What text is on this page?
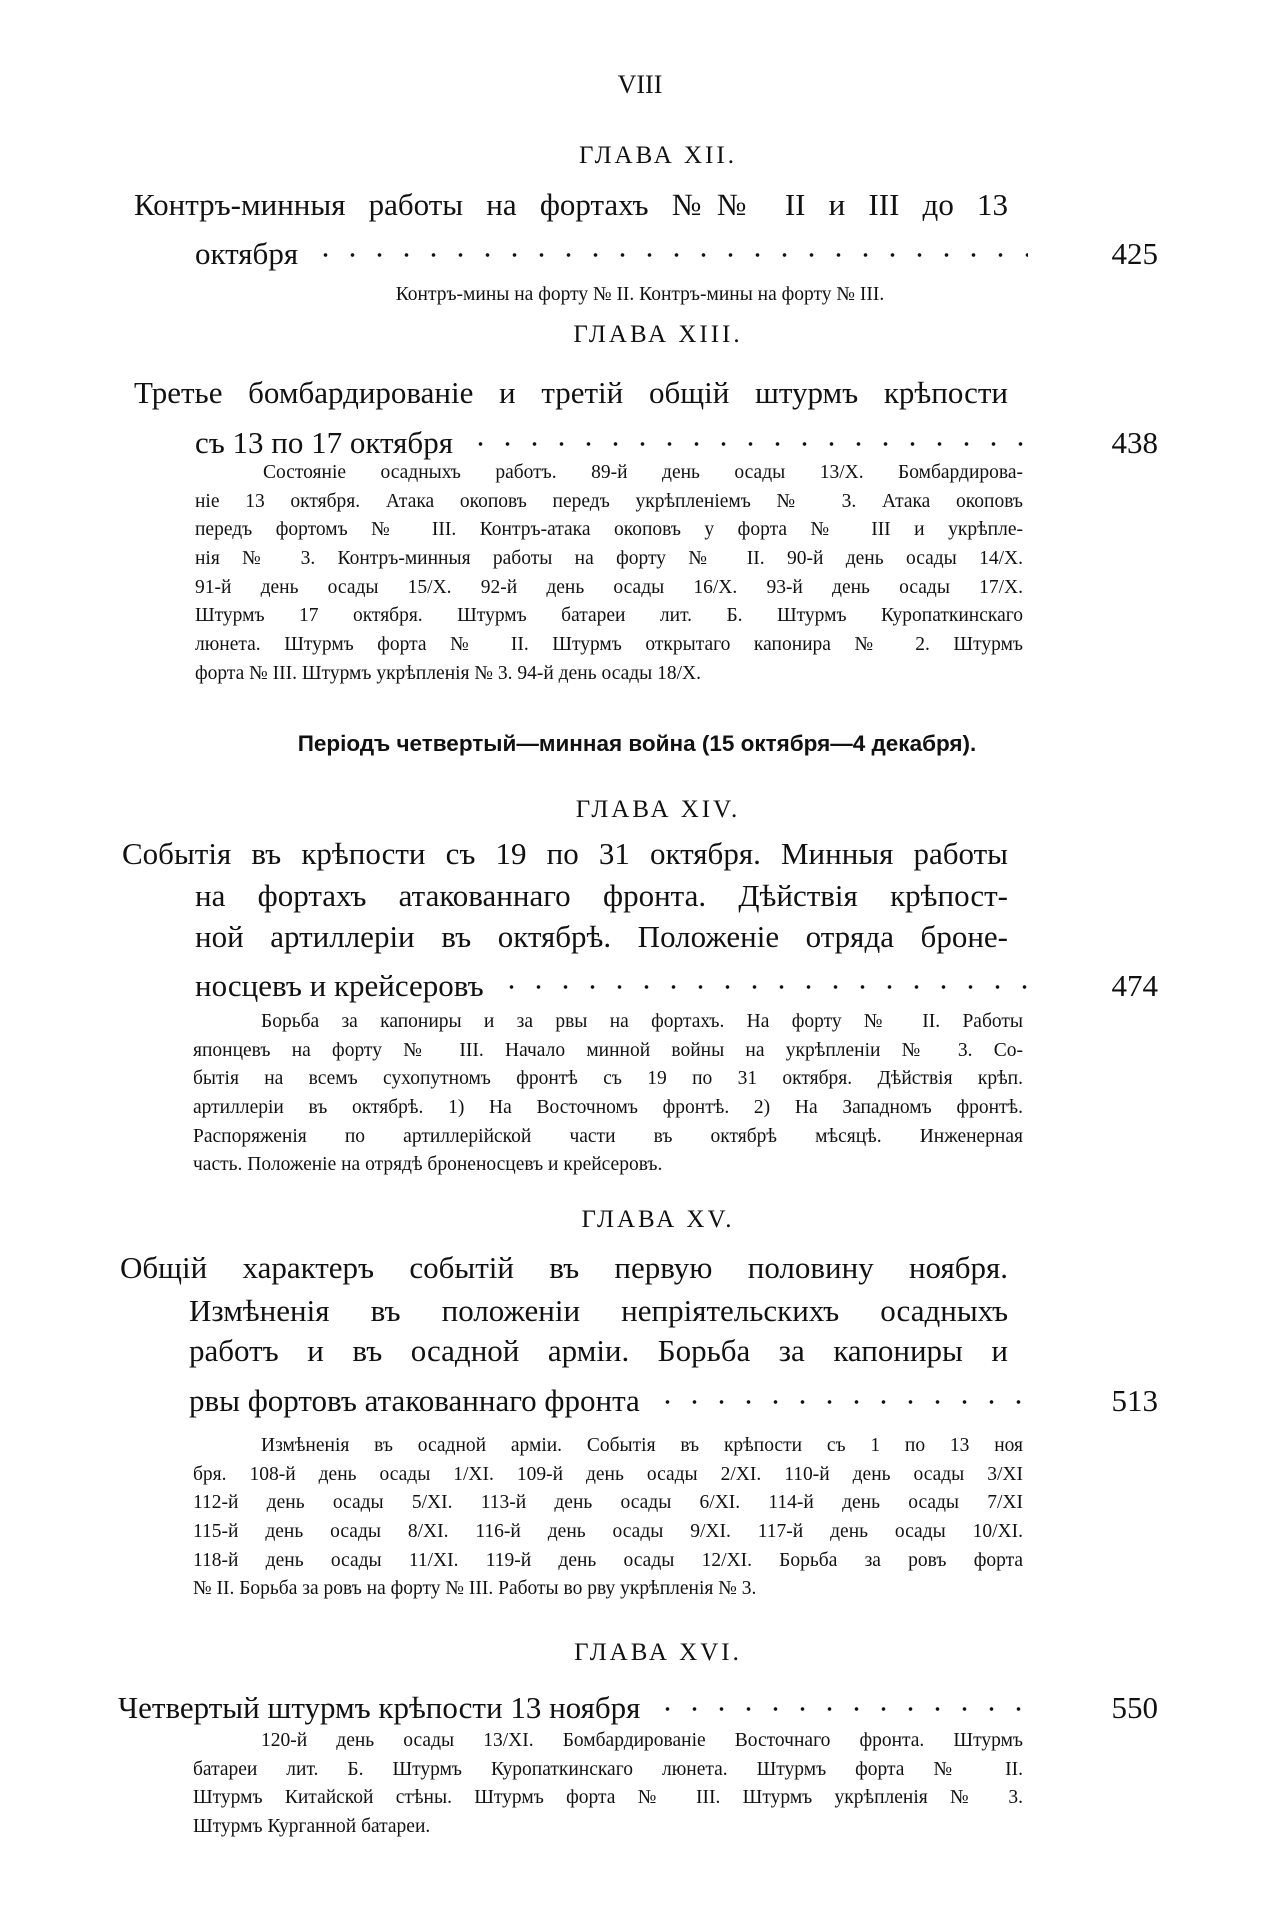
VIII
ГЛАВА XII.
Контръ-минныя работы на фортахъ №№ II и III до 13
октября	425
Контръ-мины на форту № II. Контръ-мины на форту № III.
ГЛАВА XIII.
Третье бомбардированіе и третій общій штурмъ крѣпости
съ 13 по 17 октября	438
Состояніе осадныхъ работъ. 89-й день осады 13/X. Бомбардирова-
ніе 13 октября. Атака окоповъ передъ укрѣпленіемъ № 3. Атака окоповъ
передъ фортомъ № III. Контръ-атака окоповъ у форта № III и укрѣпле-
нія № 3. Контръ-минныя работы на форту № II. 90-й день осады 14/X.
91-й день осады 15/X. 92-й день осады 16/X. 93-й день осады 17/X.
Штурмъ 17 октября. Штурмъ батареи лит. Б. Штурмъ Куропаткинскаго
люнета. Штурмъ форта № II. Штурмъ открытаго капонира № 2. Штурмъ
форта № III. Штурмъ укрѣпленія № 3. 94-й день осады 18/X.
Періодъ четвертый—минная война (15 октября—4 декабря).
ГЛАВА XIV.
Событія въ крѣпости съ 19 по 31 октября. Минныя работы
на фортахъ атакованнаго фронта. Дѣйствія крѣпост-
ной артиллеріи въ октябрѣ. Положеніе отряда броне-
носцевъ и крейсеровъ	474
Борьба за капониры и за рвы на фортахъ. На форту № II. Работы
японцевъ на форту № III. Начало минной войны на укрѣпленіи № 3. Со-
бытія на всемъ сухопутномъ фронтѣ съ 19 по 31 октября. Дѣйствія крѣп.
артиллеріи въ октябрѣ. 1) На Восточномъ фронтѣ. 2) На Западномъ фронтѣ.
Распоряженія по артиллерійской части въ октябрѣ мѣсяцѣ. Инженерная
часть. Положеніе на отрядѣ броненосцевъ и крейсеровъ.
ГЛАВА XV.
Общій характеръ событій въ первую половину ноября.
Измѣненія въ положеніи непріятельскихъ осадныхъ
работъ и въ осадной арміи. Борьба за капониры и
рвы фортовъ атакованнаго фронта	513
Измѣненія въ осадной арміи. Событія въ крѣпости съ 1 по 13 ноя
бря. 108-й день осады 1/XI. 109-й день осады 2/XI. 110-й день осады 3/XI
112-й день осады 5/XI. 113-й день осады 6/XI. 114-й день осады 7/XI
115-й день осады 8/XI. 116-й день осады 9/XI. 117-й день осады 10/XI.
118-й день осады 11/XI. 119-й день осады 12/XI. Борьба за ровъ форта
№ II. Борьба за ровъ на форту № III. Работы во рву укрѣпленія № 3.
ГЛАВА XVI.
Четвертый штурмъ крѣпости 13 ноября	550
120-й день осады 13/XI. Бомбардированіе Восточнаго фронта. Штурмъ
батареи лит. Б. Штурмъ Куропаткинскаго люнета. Штурмъ форта № II.
Штурмъ Китайской стѣны. Штурмъ форта № III. Штурмъ укрѣпленія № 3.
Штурмъ Курганной батареи.
